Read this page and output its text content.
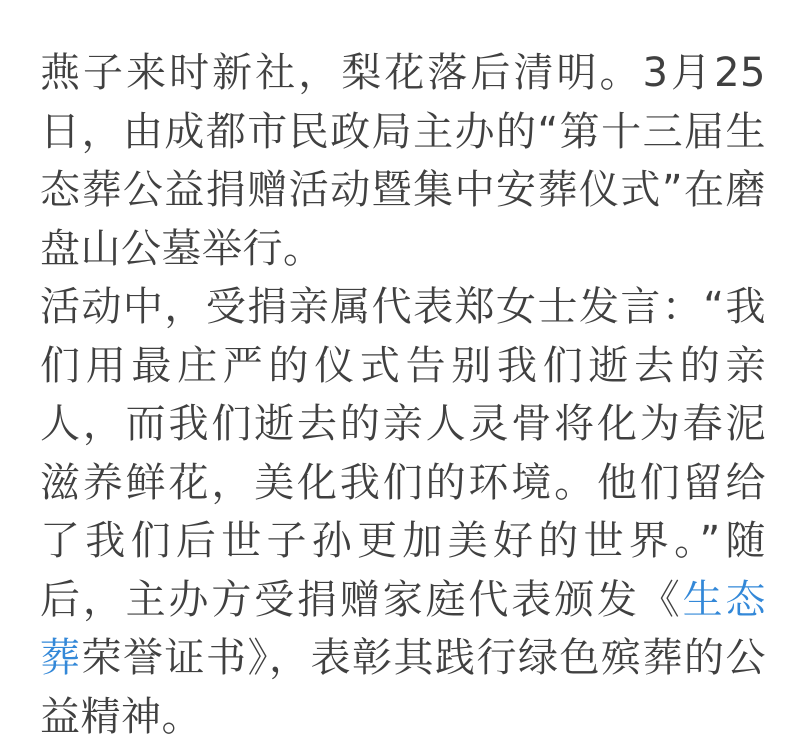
燕子来时新社，梨花落后清明。3月25日，由成都市民政局主办的“第十三届生态葬公益捐赠活动暨集中安葬仪式”在磨盘山公墓举行。

活动中，受捐亲属代表郑女士发言：“我们用最庄严的仪式告别我们逝去的亲人，而我们逝去的亲人灵骨将化为春泥滋养鲜花，美化我们的环境。他们留给了我们后世子孙更加美好的世界。”随后，主办方受捐赠家庭代表颁发《生态葬荣誉证书》，表彰其践行绿色殡葬的公益精神。
